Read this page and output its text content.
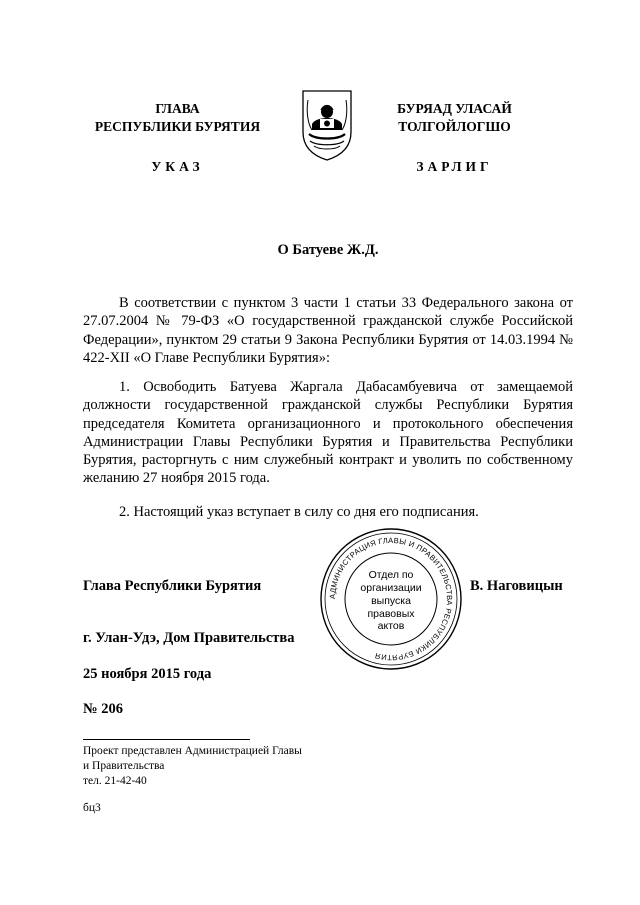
ГЛАВА
РЕСПУБЛИКИ БУРЯТИЯ
УКАЗ
БУРЯАД УЛАСАЙ
ТОЛГОЙЛОГШО
ЗАРЛИГ
О Батуеве Ж.Д.
В соответствии с пунктом 3 части 1 статьи 33 Федерального закона от 27.07.2004 № 79-ФЗ «О государственной гражданской службе Российской Федерации», пунктом 29 статьи 9 Закона Республики Бурятия от 14.03.1994 № 422-XII «О Главе Республики Бурятия»:
1. Освободить Батуева Жаргала Дабасамбуевича от замещаемой должности государственной гражданской службы Республики Бурятия председателя Комитета организационного и протокольного обеспечения Администрации Главы Республики Бурятия и Правительства Республики Бурятия, расторгнуть с ним служебный контракт и уволить по собственному желанию 27 ноября 2015 года.
2. Настоящий указ вступает в силу со дня его подписания.
Глава Республики Бурятия	В. Наговицын
АДМИНИСТРАЦИЯ ГЛАВЫ И ПРАВИТЕЛЬСТВА РЕСПУБЛИКИ БУРЯТИЯ
Отдел по
организации
выпуска
правовых
актов
г. Улан-Удэ, Дом Правительства
25 ноября 2015 года
№ 206
Проект представлен Администрацией Главы
и Правительства
тел. 21-42-40
бц3
